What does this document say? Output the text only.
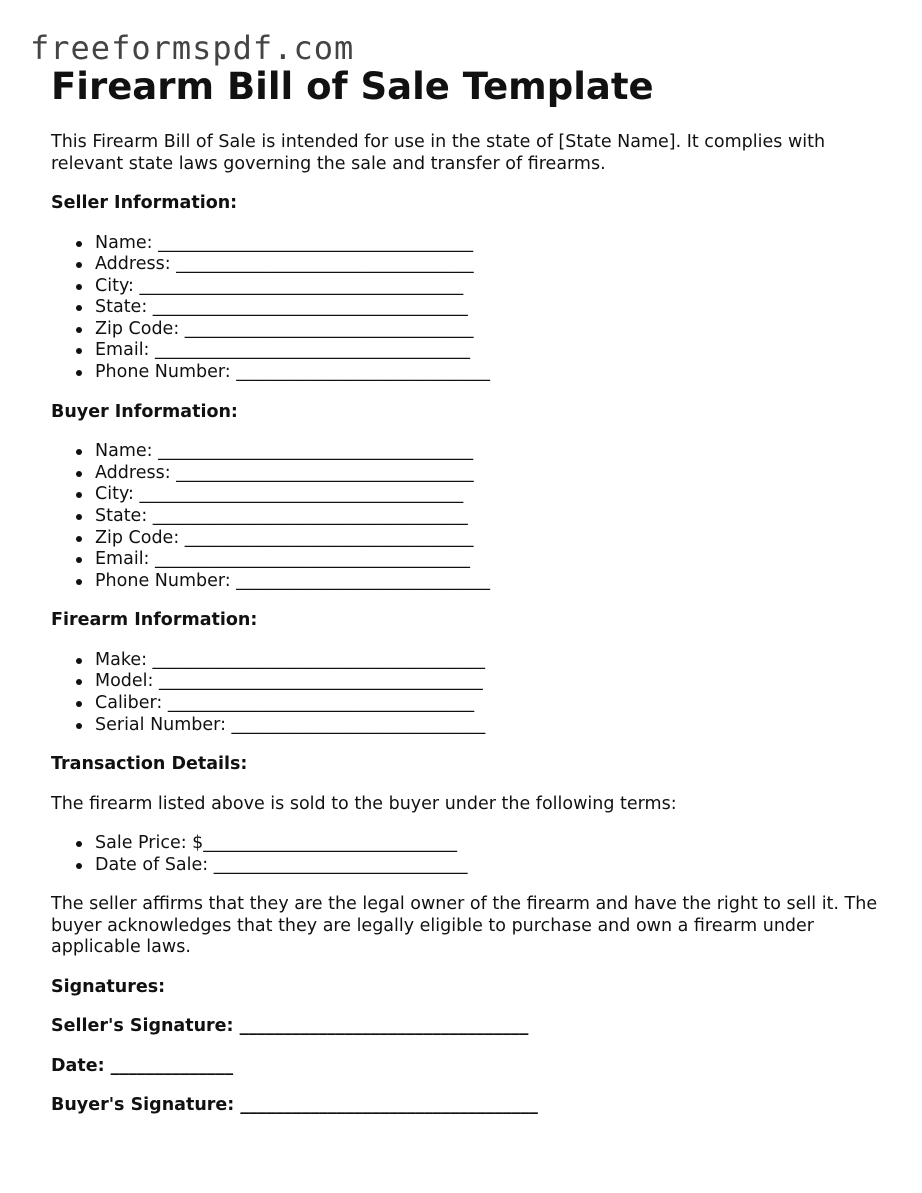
freeformspdf.com
Firearm Bill of Sale Template

This Firearm Bill of Sale is intended for use in the state of [State Name]. It complies with relevant state laws governing the sale and transfer of firearms.

Seller Information:

Name: ____________________________________
Address: __________________________________
City: _____________________________________
State: ____________________________________
Zip Code: _________________________________
Email: ____________________________________
Phone Number: _____________________________

Buyer Information:

Name: ____________________________________
Address: __________________________________
City: _____________________________________
State: ____________________________________
Zip Code: _________________________________
Email: ____________________________________
Phone Number: _____________________________

Firearm Information:

Make: ______________________________________
Model: _____________________________________
Caliber: ___________________________________
Serial Number: _____________________________

Transaction Details:

The firearm listed above is sold to the buyer under the following terms:

Sale Price: $_____________________________
Date of Sale: _____________________________

The seller affirms that they are the legal owner of the firearm and have the right to sell it. The buyer acknowledges that they are legally eligible to purchase and own a firearm under applicable laws.

Signatures:

Seller's Signature: _________________________________

Date: ______________

Buyer's Signature: __________________________________
